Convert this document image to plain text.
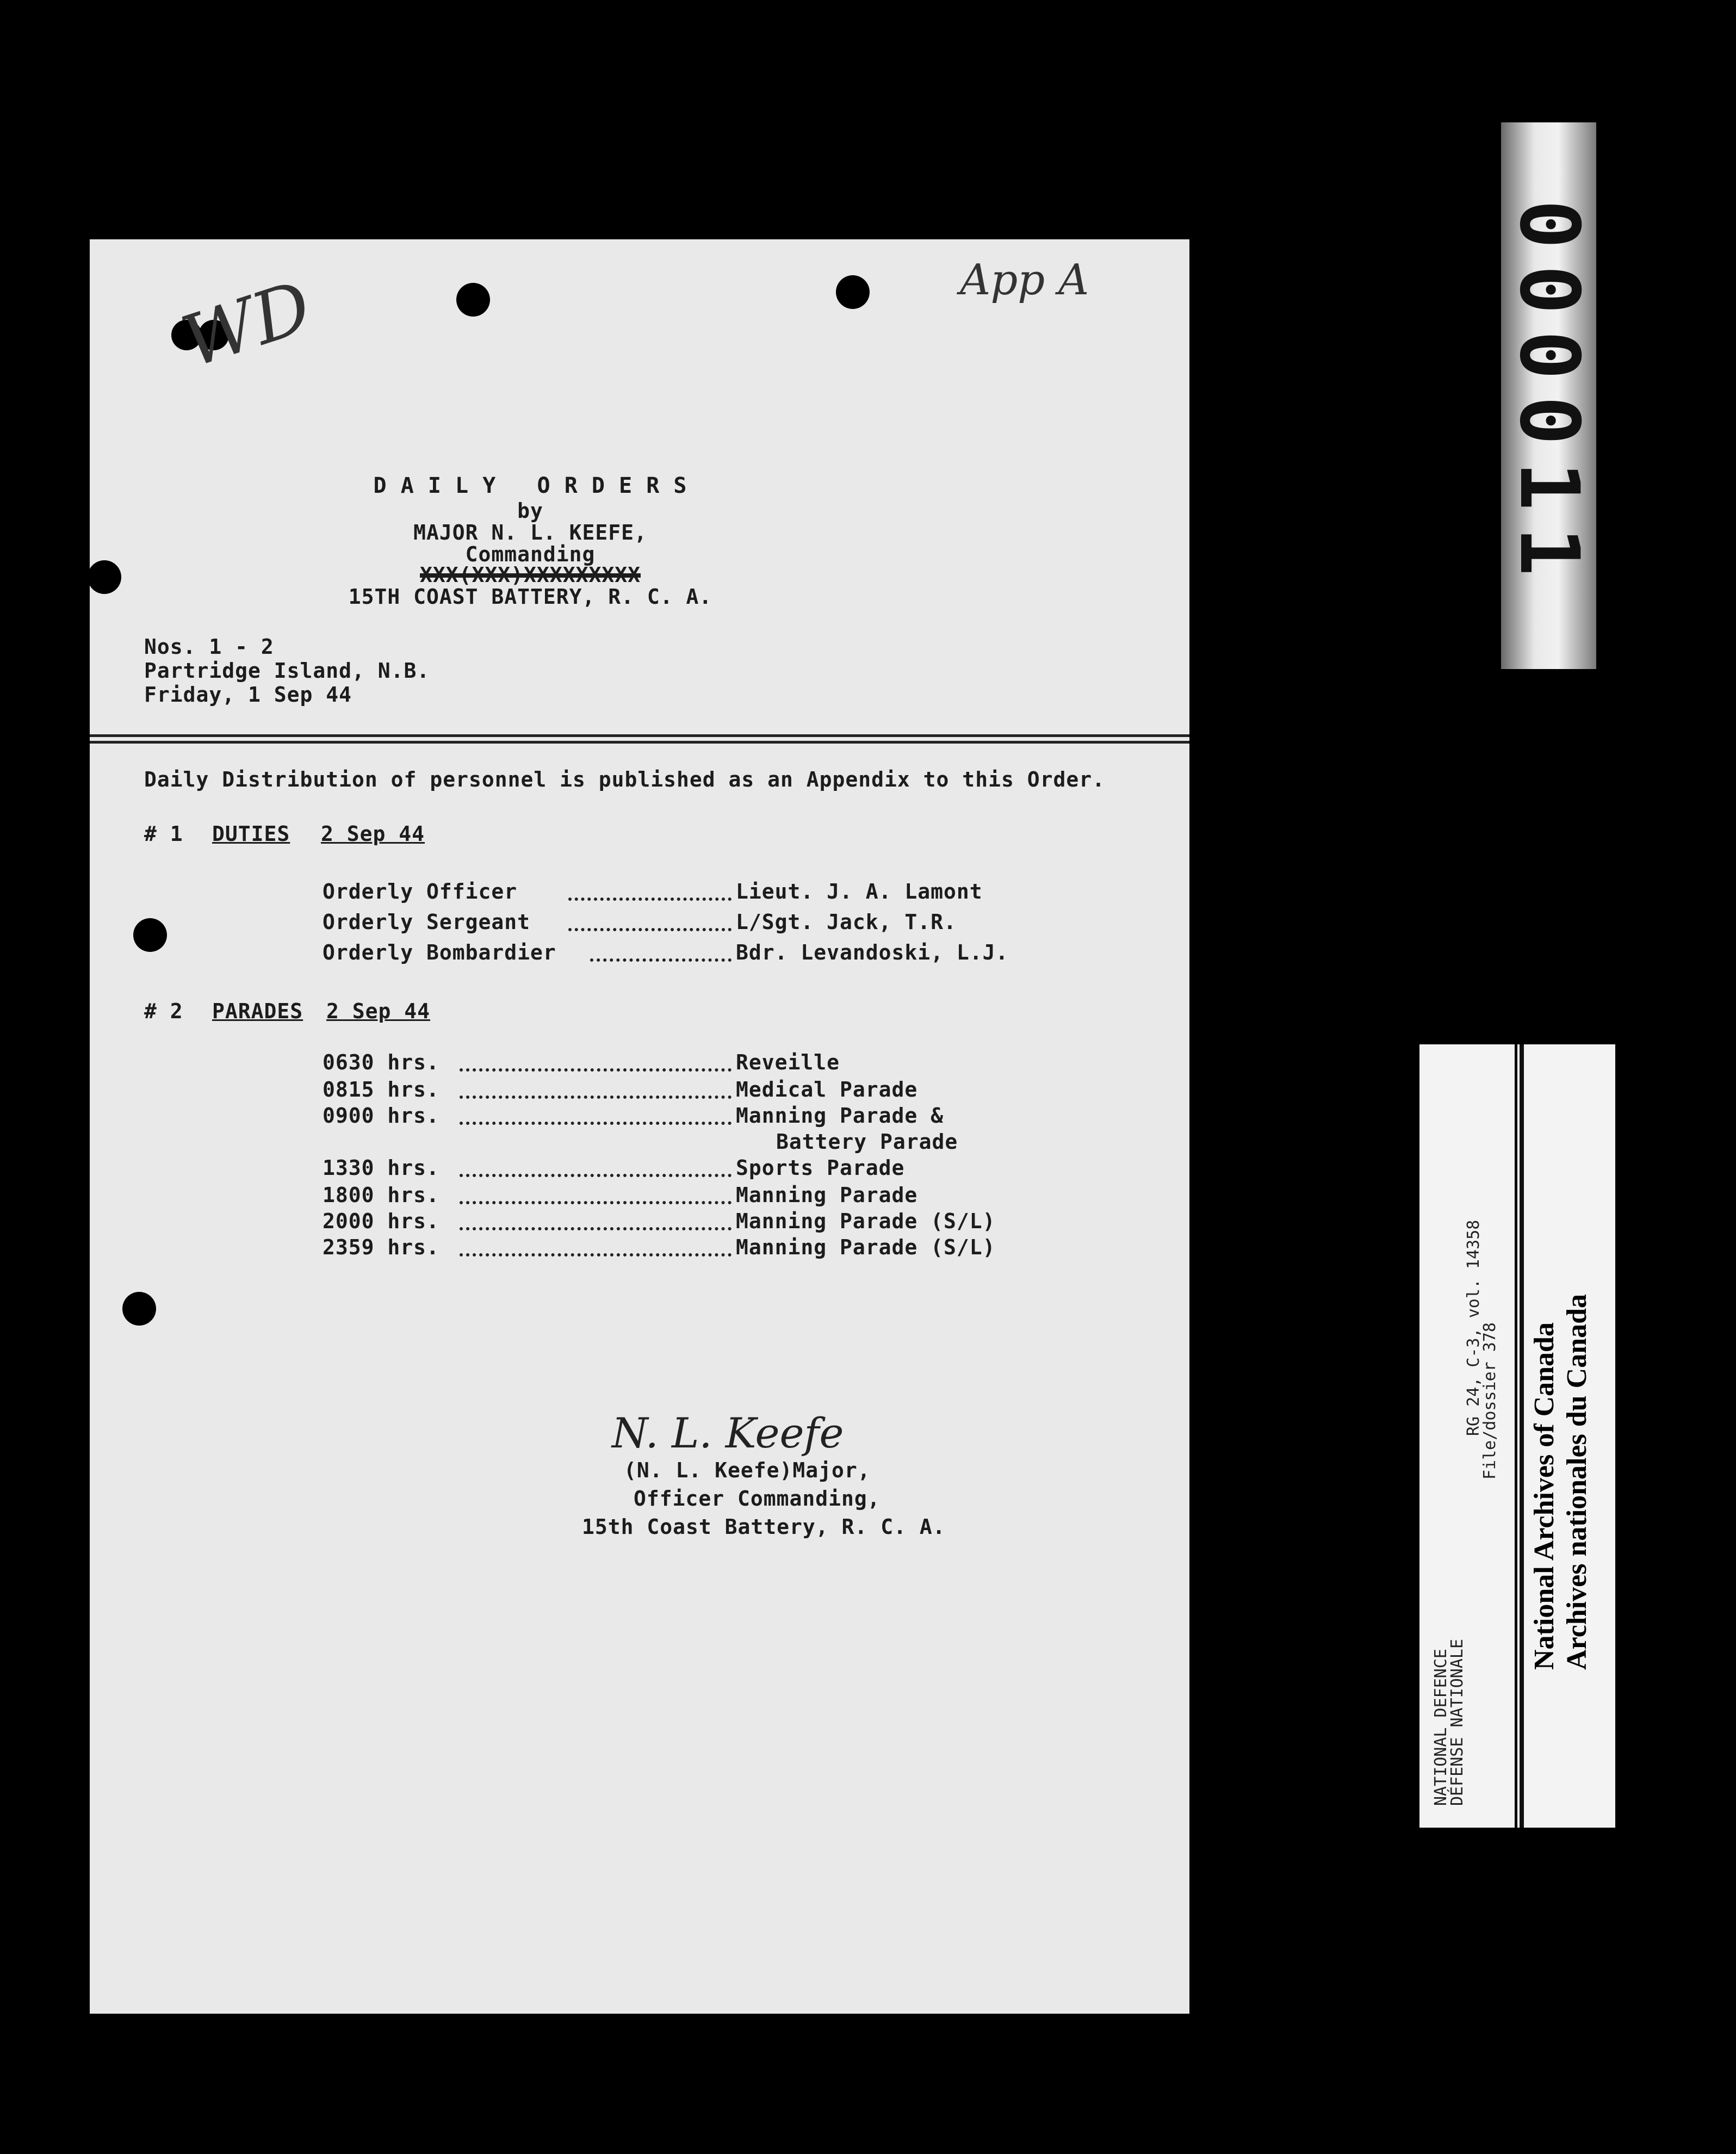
WD	App A
D A I L Y   O R D E R S
by
MAJOR N. L. KEEFE,
Commanding
XXX(XXX)XXXXXXXXX
15TH COAST BATTERY, R. C. A.
Nos. 1 - 2
Partridge Island, N.B.
Friday, 1 Sep 44
Daily Distribution of personnel is published as an Appendix to this Order.
# 1 DUTIES 2 Sep 44
Orderly Officer	Lieut. J. A. Lamont
Orderly Sergeant	L/Sgt. Jack, T.R.
Orderly Bombardier	Bdr. Levandoski, L.J.
# 2 PARADES 2 Sep 44
0630 hrs.	Reveille
0815 hrs.	Medical Parade
0900 hrs.	Manning Parade &
Battery Parade
1330 hrs.	Sports Parade
1800 hrs.	Manning Parade
2000 hrs.	Manning Parade (S/L)
2359 hrs.	Manning Parade (S/L)
N. L. Keefe
(N. L. Keefe)Major,
Officer Commanding,
15th Coast Battery, R. C. A.
000011
RG 24, C-3, vol. 14358
File/dossier 378
NATIONAL DEFENCE
DÉFENSE NATIONALE
National Archives of Canada Archives nationales du Canada
